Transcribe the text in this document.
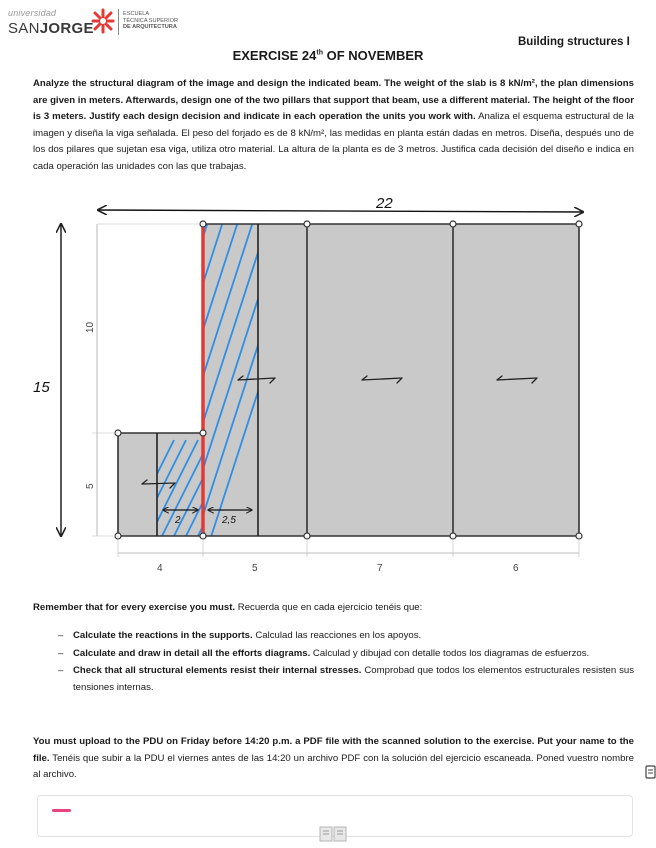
universidad
SANJORGE
ESCUELA
TÉCNICA SUPERIOR
DE ARQUITECTURA
Building structures I
EXERCISE 24th OF NOVEMBER
Analyze the structural diagram of the image and design the indicated beam. The weight of the slab is 8 kN/m², the plan dimensions are given in meters. Afterwards, design one of the two pillars that support that beam, use a different material. The height of the floor is 3 meters. Justify each design decision and indicate in each operation the units you work with. Analiza el esquema estructural de la imagen y diseña la viga señalada. El peso del forjado es de 8 kN/m², las medidas en planta están dadas en metros. Diseña, después uno de los dos pilares que sujetan esa viga, utiliza otro material. La altura de la planta es de 3 metros. Justifica cada decisión del diseño e indica en cada operación las unidades con las que trabajas.
2	2,5
22
15
10
5
4	5	7	6
Remember that for every exercise you must. Recuerda que en cada ejercicio tenéis que:
– Calculate the reactions in the supports. Calculad las reacciones en los apoyos.
– Calculate and draw in detail all the efforts diagrams. Calculad y dibujad con detalle todos los diagramas de esfuerzos.
– Check that all structural elements resist their internal stresses. Comprobad que todos los elementos estructurales resisten sus tensiones internas.
You must upload to the PDU on Friday before 14:20 p.m. a PDF file with the scanned solution to the exercise. Put your name to the file. Tenéis que subir a la PDU el viernes antes de las 14:20 un archivo PDF con la solución del ejercicio escaneada. Poned vuestro nombre al archivo.
